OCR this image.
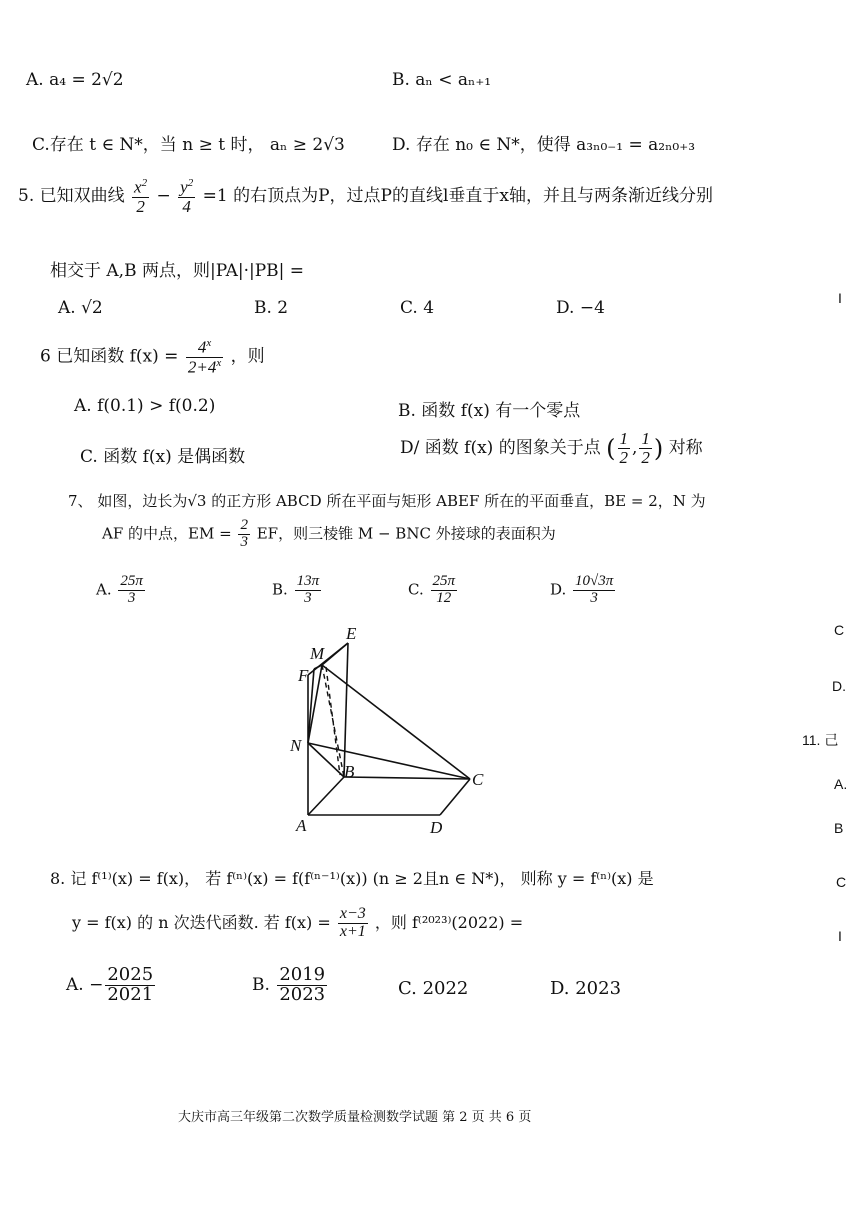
A. a₄ = 2√2	B. aₙ < aₙ₊₁
C.存在 t ∈ N*，当 n ≥ t 时， aₙ ≥ 2√3	D. 存在 n₀ ∈ N*，使得 a₃ₙ₀₋₁ = a₂ₙ₀₊₃
5. 已知双曲线 $\frac{x^2}{2} - \frac{y^2}{4} =1$ 的右顶点为P，过点P的直线l垂直于x轴，并且与两条渐近线分别
相交于 A,B 两点，则|PA|·|PB| =
A. √2	B. 2	C. 4	D. −4
6 已知函数 $f(x) = \frac{4^x}{2+4^x}$ ，则
A. f(0.1) > f(0.2)	B. 函数 f(x) 有一个零点
C. 函数 f(x) 是偶函数	D/ 函数 f(x) 的图象关于点 ( $\frac{1}{2}$ , $\frac{1}{2}$ ) 对称
7、 如图，边长为√3 的正方形 ABCD 所在平面与矩形 ABEF 所在的平面垂直，BE = 2，N 为
AF 的中点，EM = $\frac{2}{3}$ EF，则三棱锥 M − BNC 外接球的表面积为
A. $\frac{25\pi}{3}$	B. $\frac{13\pi}{3}$	C. $\frac{25\pi}{12}$	D. $\frac{10√3\pi}{3}$
M
E
F
N
B	C
A	D
8. 记 f⁽¹⁾(x) = f(x)， 若 f⁽ⁿ⁾(x) = f(f⁽ⁿ⁻¹⁾(x)) (n ≥ 2且n ∈ N*)， 则称 y = f⁽ⁿ⁾(x) 是
y = f(x) 的 n 次迭代函数. 若 $f(x) = \frac{x-3}{x+1}$ ，则 f⁽²⁰²³⁾(2022) =
A. − $\frac{2025}{2021}$	B. $\frac{2019}{2023}$	C. 2022	D. 2023
I
C
D.
11. 己
A.
B
C
I
大庆市高三年级第二次数学质量检测数学试题 第 2 页 共 6 页
